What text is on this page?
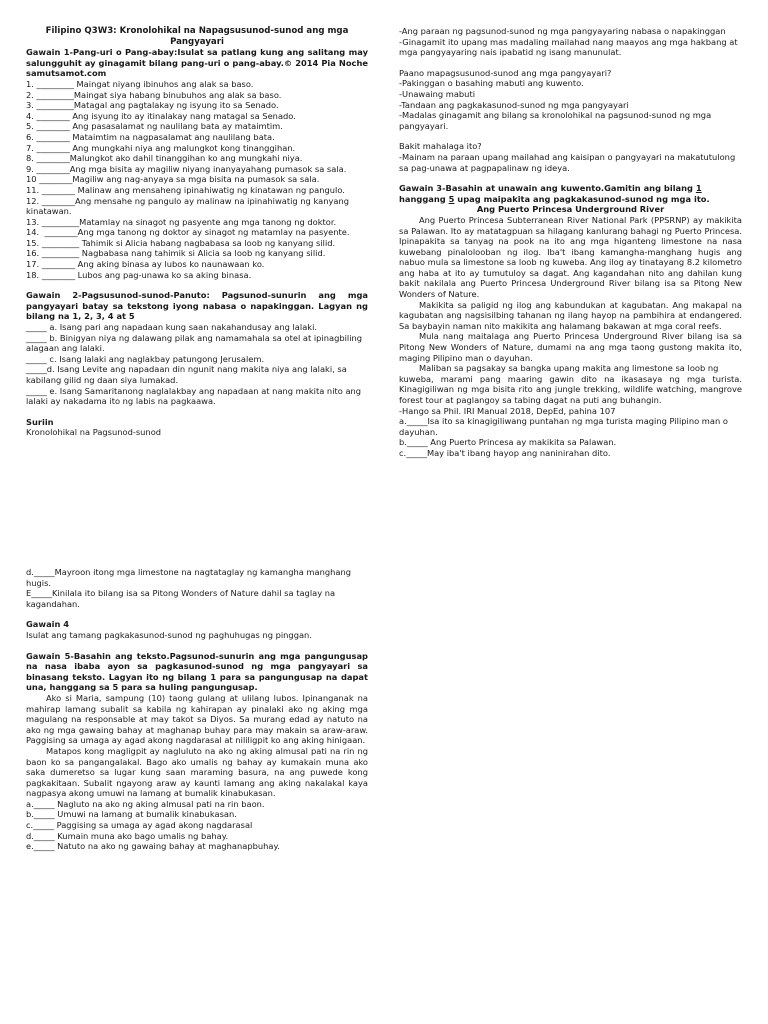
Filipino Q3W3: Kronolohikal na Napagsusunod-sunod ang mga Pangyayari
Gawain 1-Pang-uri o Pang-abay:Isulat sa patlang kung ang salitang may salungguhit ay ginagamit bilang pang-uri o pang-abay.© 2014 Pia Noche samutsamot.com
1. _________ Maingat niyang ibinuhos ang alak sa baso.
2. _________Maingat siya habang binubuhos ang alak sa baso.
3. _________Matagal ang pagtalakay ng isyung ito sa Senado.
4. ________ Ang isyung ito ay itinalakay nang matagal sa Senado.
5. ________ Ang pasasalamat ng naulilang bata ay mataimtim.
6. ________ Mataimtim na nagpasalamat ang naulilang bata.
7. ________ Ang mungkahi niya ang malungkot kong tinanggihan.
8. ________Malungkot ako dahil tinanggihan ko ang mungkahi niya.
9. ________Ang mga bisita ay magiliw niyang inanyayahang pumasok sa sala.
10 ________Magiliw ang nag-anyaya sa mga bisita na pumasok sa sala.
11. ________ Malinaw ang mensaheng ipinahiwatig ng kinatawan ng pangulo.
12. ________Ang mensahe ng pangulo ay malinaw na ipinahiwatig ng kanyang kinatawan.
13. _________Matamlay na sinagot ng pasyente ang mga tanong ng doktor.
14.  ________Ang mga tanong ng doktor ay sinagot ng matamlay na pasyente.
15. _________ Tahimik si Alicia habang nagbabasa sa loob ng kanyang silid.
16. _________ Nagbabasa nang tahimik si Alicia sa loob ng kanyang silid.
17. ________ Ang aking binasa ay lubos ko naunawaan ko.
18. ________ Lubos ang pag-unawa ko sa aking binasa.
Gawain 2-Pagsusunod-sunod-Panuto: Pagsunod-sunurin ang mga pangyayari batay sa tekstong iyong nabasa o napakinggan. Lagyan ng bilang na 1, 2, 3, 4 at 5
_____ a. Isang pari ang napadaan kung saan nakahandusay ang lalaki.
_____ b. Binigyan niya ng dalawang pilak ang namamahala sa otel at ipinagbiling alagaan ang lalaki.
_____ c. Isang lalaki ang naglakbay patungong Jerusalem.
_____d. Isang Levite ang napadaan din ngunit nang makita niya ang lalaki, sa kabilang gilid ng daan siya lumakad.
_____ e. Isang Samaritanong naglalakbay ang napadaan at nang makita nito ang lalaki ay nakadama ito ng labis na pagkaawa.
Suriin
Kronolohikal na Pagsunod-sunod
d._____Mayroon itong mga limestone na nagtataglay ng kamangha manghang hugis.
E_____Kinilala ito bilang isa sa Pitong Wonders of Nature dahil sa taglay na kagandahan.
Gawain 4
Isulat ang tamang pagkakasunod-sunod ng paghuhugas ng pinggan.
Gawain 5-Basahin ang teksto.Pagsunod-sunurin ang mga pangungusap na nasa ibaba ayon sa pagkasunod-sunod ng mga pangyayari sa binasang teksto. Lagyan ito ng bilang 1 para sa pangungusap na dapat una, hanggang sa 5 para sa huling pangungusap.
Ako si Maria, sampung (10) taong gulang at ulilang lubos. Ipinanganak na mahirap lamang subalit sa kabila ng kahirapan ay pinalaki ako ng aking mga magulang na responsable at may takot sa Diyos. Sa murang edad ay natuto na ako ng mga gawaing bahay at maghanap buhay para may makain sa araw-araw. Paggising sa umaga ay agad akong nagdarasal at nililigpit ko ang aking hinigaan.
Matapos kong magligpit ay nagluluto na ako ng aking almusal pati na rin ng baon ko sa pangangalakal. Bago ako umalis ng bahay ay kumakain muna ako saka dumeretso sa lugar kung saan maraming basura, na ang puwede kong pagkakitaan. Subalit ngayong araw ay kaunti lamang ang aking nakalakal kaya nagpasya akong umuwi na lamang at bumalik kinabukasan.
a._____ Nagluto na ako ng aking almusal pati na rin baon.
b._____ Umuwi na lamang at bumalik kinabukasan.
c._____ Paggising sa umaga ay agad akong nagdarasal
d._____ Kumain muna ako bago umalis ng bahay.
e._____ Natuto na ako ng gawaing bahay at maghanapbuhay.
-Ang paraan ng pagsunod-sunod ng mga pangyayaring nabasa o napakinggan
-Ginagamit ito upang mas madaling mailahad nang maayos ang mga hakbang at mga pangyayaring nais ipabatid ng isang manunulat.
Paano mapagsusunod-sunod ang mga pangyayari?
-Pakinggan o basahing mabuti ang kuwento.
-Unawaing mabuti
-Tandaan ang pagkakasunod-sunod ng mga pangyayari
-Madalas ginagamit ang bilang sa kronolohikal na pagsunod-sunod ng mga pangyayari.
Bakit mahalaga ito?
-Mainam na paraan upang mailahad ang kaisipan o pangyayari na makatutulong sa pag-unawa at pagpapalinaw ng ideya.
Gawain 3-Basahin at unawain ang kuwento.Gamitin ang bilang 1 hanggang 5 upag maipakita ang pagkakasunod-sunod ng mga ito.
Ang Puerto Princesa Underground River
Ang Puerto Princesa Subterranean River National Park (PPSRNP) ay makikita sa Palawan. Ito ay matatagpuan sa hilagang kanlurang bahagi ng Puerto Princesa. Ipinapakita sa tanyag na pook na ito ang mga higanteng limestone na nasa kuwebang pinalolooban ng ilog. Iba't ibang kamangha-manghang hugis ang nabuo mula sa limestone sa loob ng kuweba. Ang ilog ay tinatayang 8.2 kilometro ang haba at ito ay tumutuloy sa dagat. Ang kagandahan nito ang dahilan kung bakit nakilala ang Puerto Princesa Underground River bilang isa sa Pitong New Wonders of Nature.
Makikita sa paligid ng ilog ang kabundukan at kagubatan. Ang makapal na kagubatan ang nagsisilbing tahanan ng ilang hayop na pambihira at endangered. Sa baybayin naman nito makikita ang halamang bakawan at mga coral reefs.
Mula nang maitalaga ang Puerto Princesa Underground River bilang isa sa Pitong New Wonders of Nature, dumami na ang mga taong gustong makita ito, maging Pilipino man o dayuhan.
Maliban sa pagsakay sa bangka upang makita ang limestone sa loob ng
kuweba, marami pang maaring gawin dito na ikasasaya ng mga turista. Kinagigiliwan ng mga bisita rito ang jungle trekking, wildlife watching, mangrove forest tour at paglangoy sa tabing dagat na puti ang buhangin.
-Hango sa Phil. IRI Manual 2018, DepEd, pahina 107
a._____Isa ito sa kinagigiliwang puntahan ng mga turista maging Pilipino man o dayuhan.
b._____ Ang Puerto Princesa ay makikita sa Palawan.
c._____May iba't ibang hayop ang naninirahan dito.
